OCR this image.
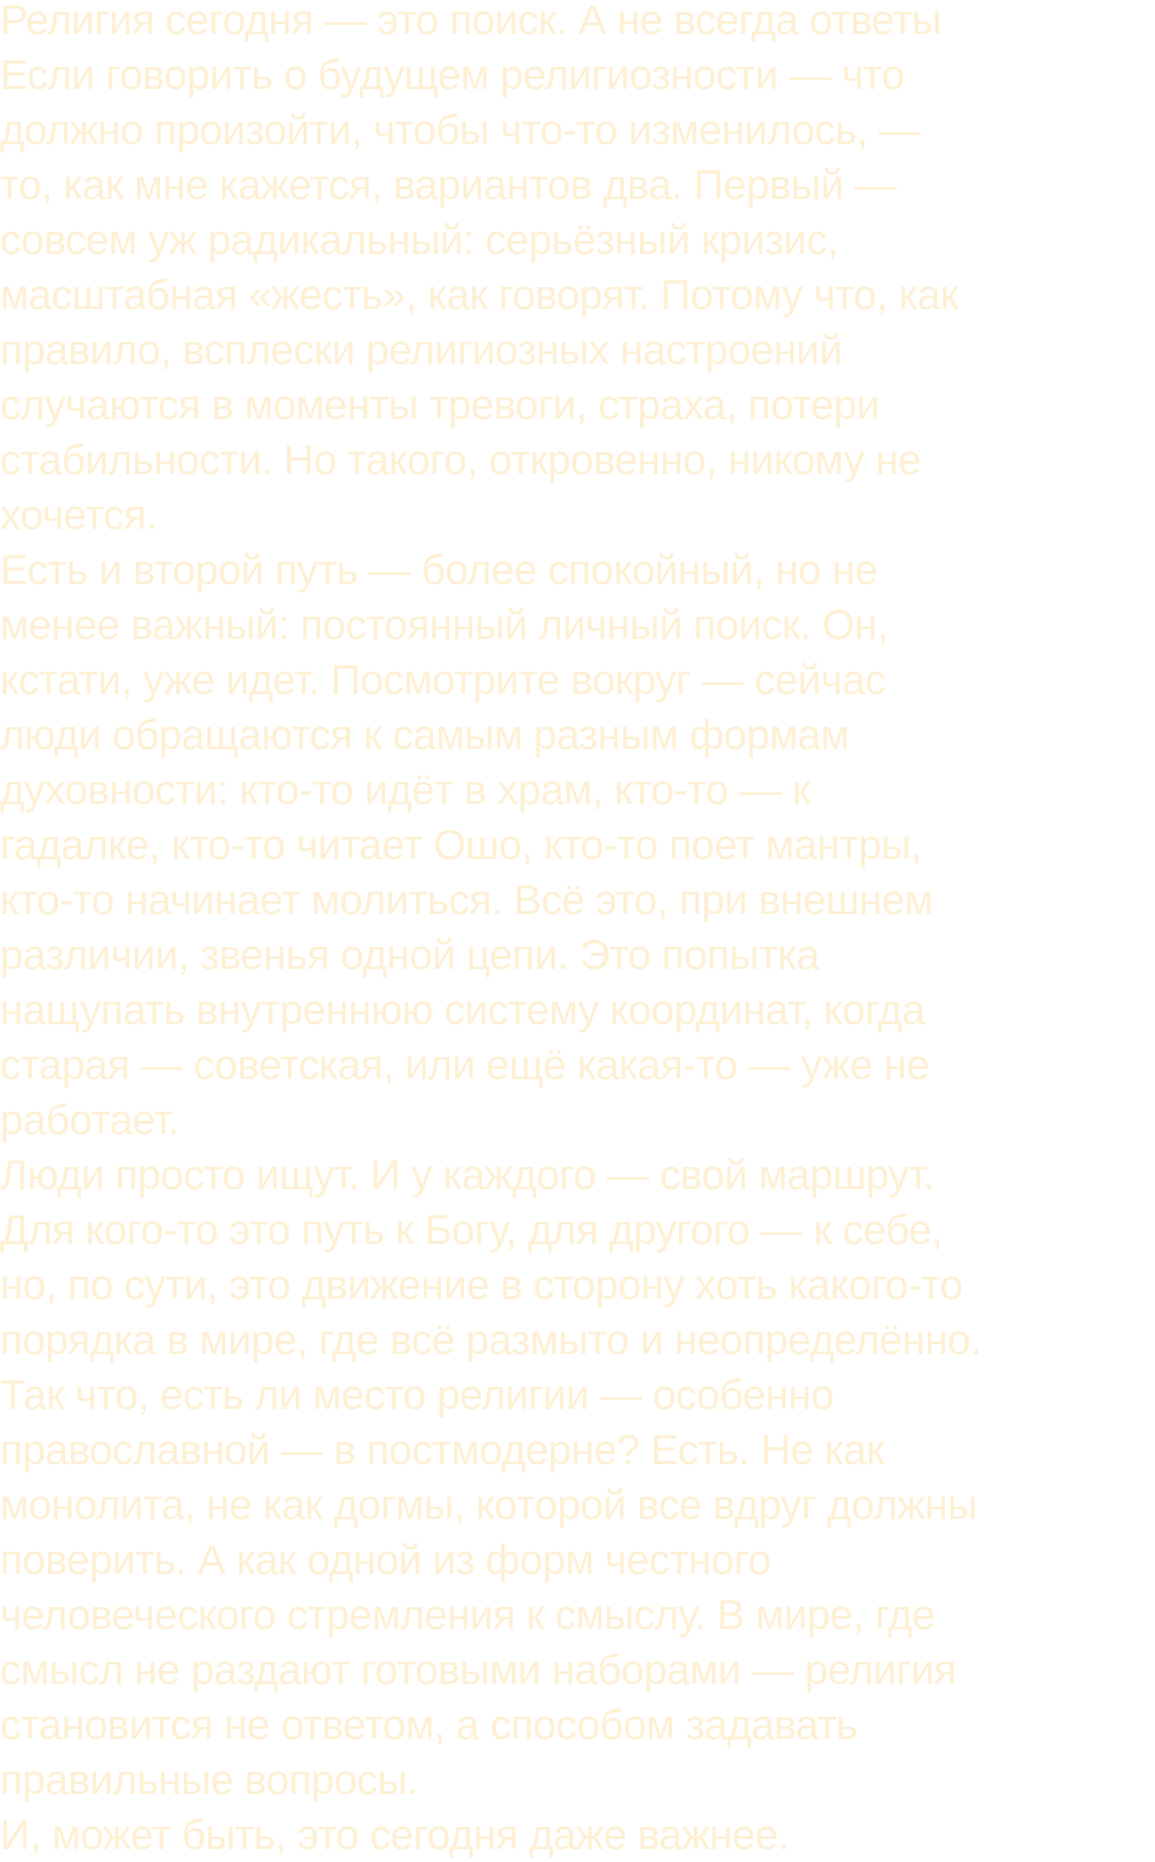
Религия сегодня — это поиск. А не всегда ответы

Если говорить о будущем религиозности — что

должно произойти, чтобы что-то изменилось, —

то, как мне кажется, вариантов два. Первый —

совсем уж радикальный: серьёзный кризис,

масштабная «жесть», как говорят. Потому что, как

правило, всплески религиозных настроений

случаются в моменты тревоги, страха, потери

стабильности. Но такого, откровенно, никому не

хочется.

Есть и второй путь — более спокойный, но не

менее важный: постоянный личный поиск. Он,

кстати, уже идет. Посмотрите вокруг — сейчас

люди обращаются к самым разным формам

духовности: кто-то идёт в храм, кто-то — к

гадалке, кто-то читает Ошо, кто-то поет мантры,

кто-то начинает молиться. Всё это, при внешнем

различии, звенья одной цепи. Это попытка

нащупать внутреннюю систему координат, когда

старая — советская, или ещё какая-то — уже не

работает.

Люди просто ищут. И у каждого — свой маршрут.

Для кого-то это путь к Богу, для другого — к себе,

но, по сути, это движение в сторону хоть какого-то

порядка в мире, где всё размыто и неопределённо.

Так что, есть ли место религии — особенно

православной — в постмодерне? Есть. Не как

монолита, не как догмы, которой все вдруг должны

поверить. А как одной из форм честного

человеческого стремления к смыслу. В мире, где

смысл не раздают готовыми наборами — религия

становится не ответом, а способом задавать

правильные вопросы.

И, может быть, это сегодня даже важнее.
